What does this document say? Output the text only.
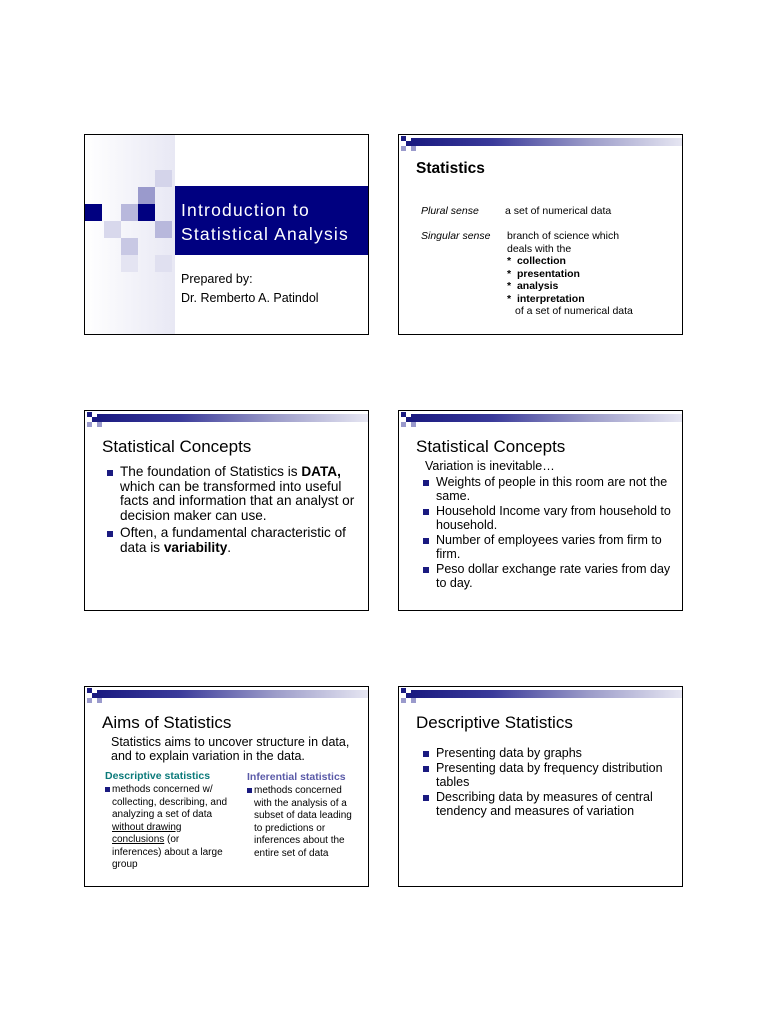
Introduction to
Statistical Analysis
Prepared by:
Dr. Remberto A. Patindol
Statistics
Plural sense a set of numerical data
Singular sense branch of science which
deals with the
* collection
* presentation
* analysis
* interpretation
of a set of numerical data
Statistical Concepts
The foundation of Statistics is DATA, which can be transformed into useful facts and information that an analyst or decision maker can use.
Often, a fundamental characteristic of data is variability.
Statistical Concepts
Variation is inevitable…
Weights of people in this room are not the same.
Household Income vary from household to household.
Number of employees varies from firm to firm.
Peso dollar exchange rate varies from day to day.
Aims of Statistics
Statistics aims to uncover structure in data, and to explain variation in the data.
Descriptive statistics
methods concerned w/ collecting, describing, and analyzing a set of data without drawing conclusions (or inferences) about a large group
Inferential statistics
methods concerned with the analysis of a subset of data leading to predictions or inferences about the entire set of data
Descriptive Statistics
Presenting data by graphs
Presenting data by frequency distribution tables
Describing data by measures of central tendency and measures of variation
